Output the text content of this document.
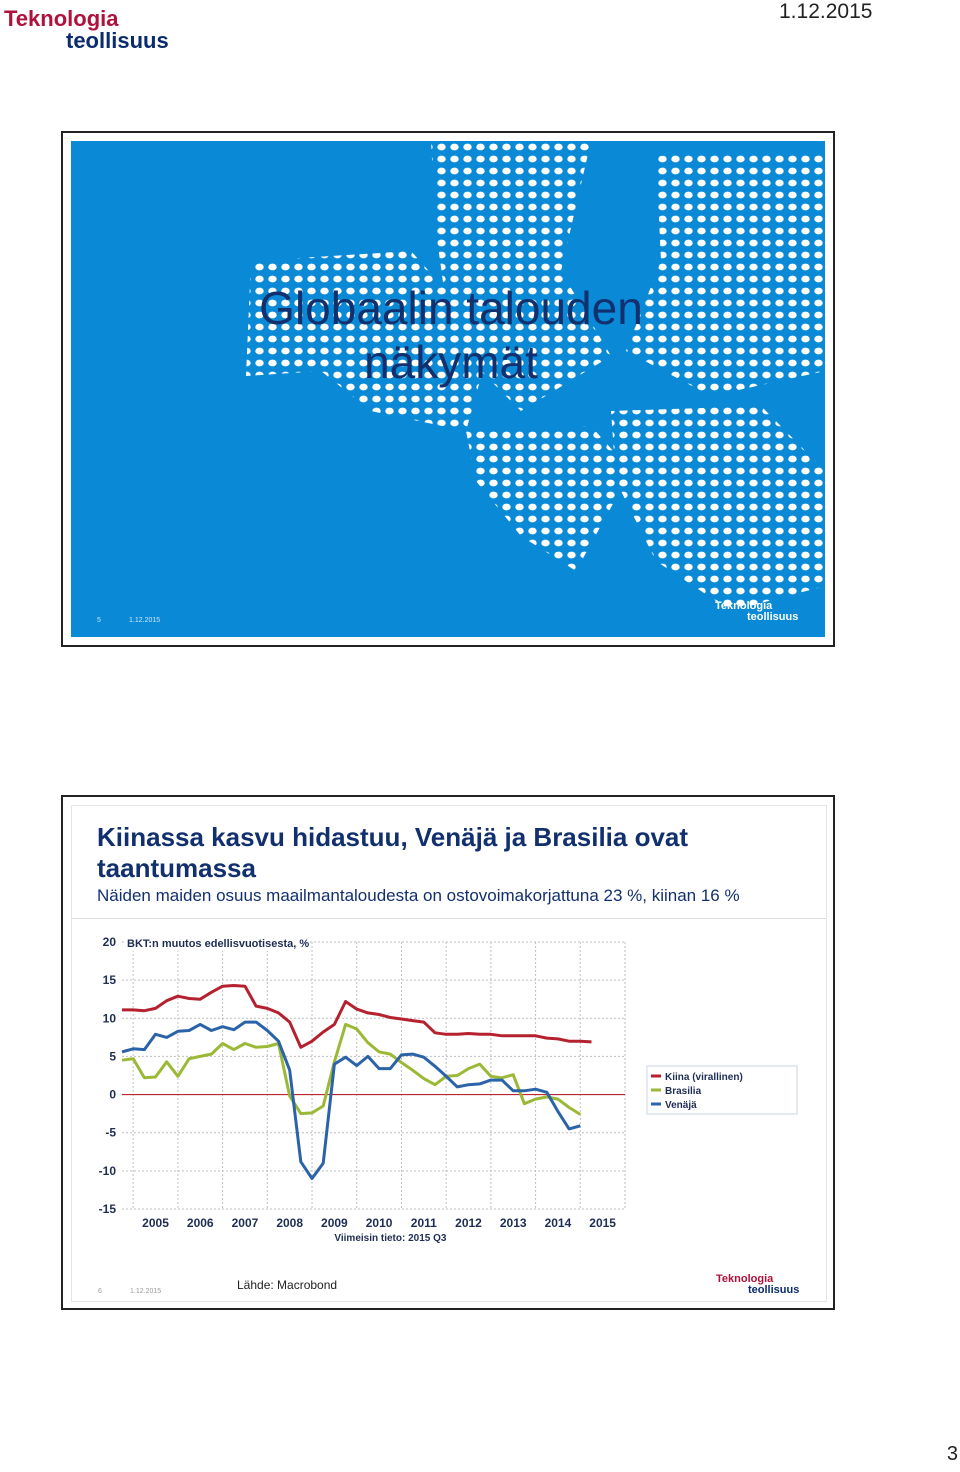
Teknologia
teollisuus
1.12.2015
Globaalin talouden
näkymät
5	1.12.2015
Teknologia
teollisuus
Kiinassa kasvu hidastuu, Venäjä ja Brasilia ovat
taantumassa
Näiden maiden osuus maailmantaloudesta on ostovoimakorjattuna 23 %, kiinan 16 %
20
15
10
5
0
-5
-10
-15
2005 2006 2007 2008 2009 2010 2011 2012 2013 2014 2015
Viimeisin tieto: 2015 Q3
BKT:n muutos edellisvuotisesta, %
Kiina (virallinen)
Brasilia
Venäjä
6	1.12.2015	Lähde: Macrobond	Teknologia
teollisuus
3
